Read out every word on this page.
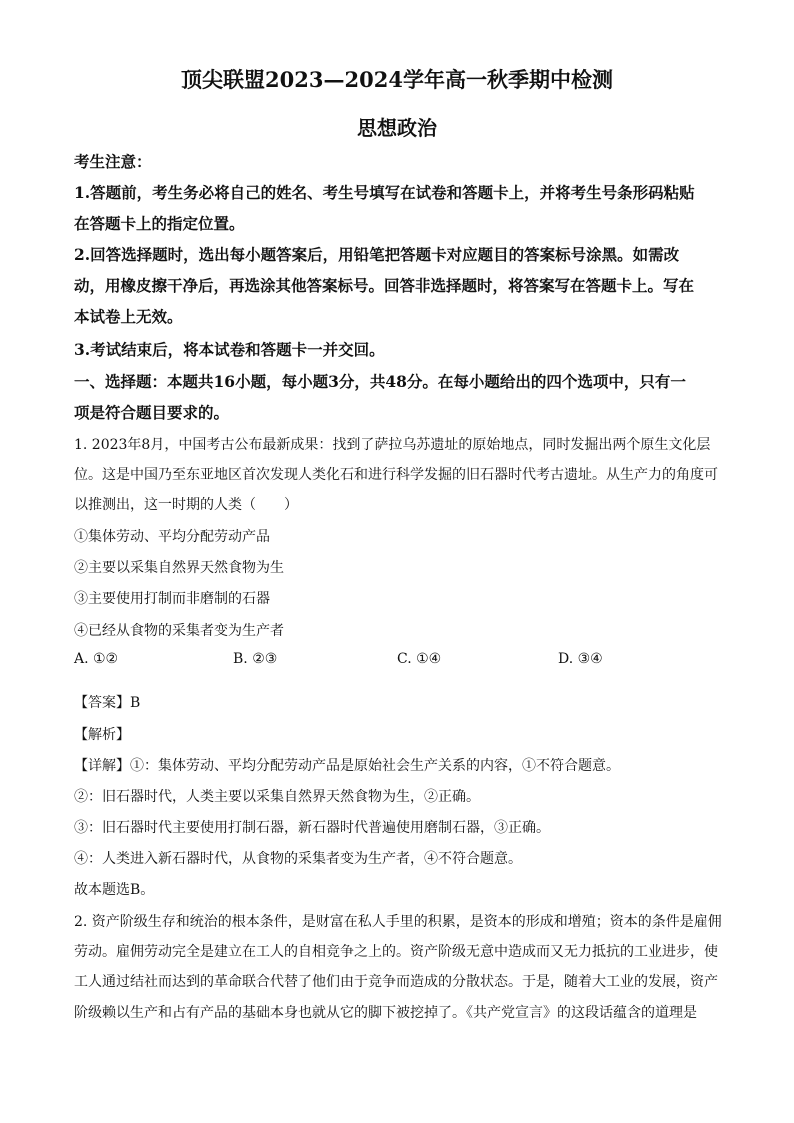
顶尖联盟2023—2024学年高一秋季期中检测
思想政治
考生注意：
1.答题前，考生务必将自己的姓名、考生号填写在试卷和答题卡上，并将考生号条形码粘贴
在答题卡上的指定位置。
2.回答选择题时，选出每小题答案后，用铅笔把答题卡对应题目的答案标号涂黑。如需改
动，用橡皮擦干净后，再选涂其他答案标号。回答非选择题时，将答案写在答题卡上。写在
本试卷上无效。
3.考试结束后，将本试卷和答题卡一并交回。
一、选择题：本题共16小题，每小题3分，共48分。在每小题给出的四个选项中，只有一
项是符合题目要求的。
1. 2023年8月，中国考古公布最新成果：找到了萨拉乌苏遗址的原始地点，同时发掘出两个原生文化层
位。这是中国乃至东亚地区首次发现人类化石和进行科学发掘的旧石器时代考古遗址。从生产力的角度可
以推测出，这一时期的人类（　　）
①集体劳动、平均分配劳动产品
②主要以采集自然界天然食物为生
③主要使用打制而非磨制的石器
④已经从食物的采集者变为生产者
A. ①②	B. ②③	C. ①④	D. ③④
【答案】B
【解析】
【详解】①：集体劳动、平均分配劳动产品是原始社会生产关系的内容，①不符合题意。
②：旧石器时代，人类主要以采集自然界天然食物为生，②正确。
③：旧石器时代主要使用打制石器，新石器时代普遍使用磨制石器，③正确。
④：人类进入新石器时代，从食物的采集者变为生产者，④不符合题意。
故本题选B。
2. 资产阶级生存和统治的根本条件，是财富在私人手里的积累，是资本的形成和增殖；资本的条件是雇佣
劳动。雇佣劳动完全是建立在工人的自相竞争之上的。资产阶级无意中造成而又无力抵抗的工业进步，使
工人通过结社而达到的革命联合代替了他们由于竞争而造成的分散状态。于是，随着大工业的发展，资产
阶级赖以生产和占有产品的基础本身也就从它的脚下被挖掉了。《共产党宣言》的这段话蕴含的道理是
